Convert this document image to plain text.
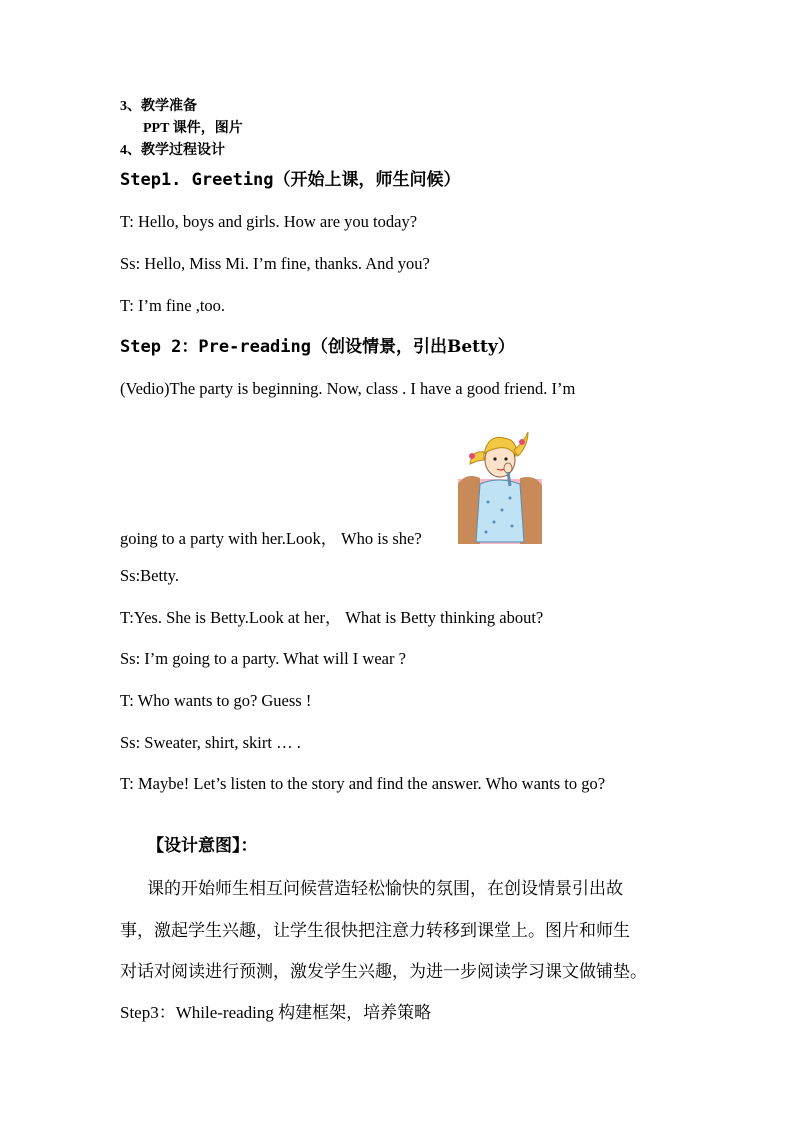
3、教学准备
PPT 课件，图片
4、教学过程设计
Step1. Greeting（开始上课，师生问候）
T: Hello, boys and girls. How are you today?
Ss: Hello, Miss Mi. I’m fine, thanks. And you?
T: I’m fine ,too.
Step 2：Pre-reading（创设情景，引出Betty）
(Vedio)The party is beginning. Now, class . I have a good friend. I’m
going to a party with her.Look， Who is she?
Ss:Betty.
T:Yes. She is Betty.Look at her， What is Betty thinking about?
Ss: I’m going to a party. What will I wear ?
T: Who wants to go? Guess !
Ss: Sweater, shirt, skirt … .
T: Maybe! Let’s listen to the story and find the answer. Who wants to go?
【设计意图】：
课的开始师生相互问候营造轻松愉快的氛围，在创设情景引出故
事，激起学生兴趣，让学生很快把注意力转移到课堂上。图片和师生
对话对阅读进行预测，激发学生兴趣，为进一步阅读学习课文做铺垫。
Step3：While-reading 构建框架，培养策略
